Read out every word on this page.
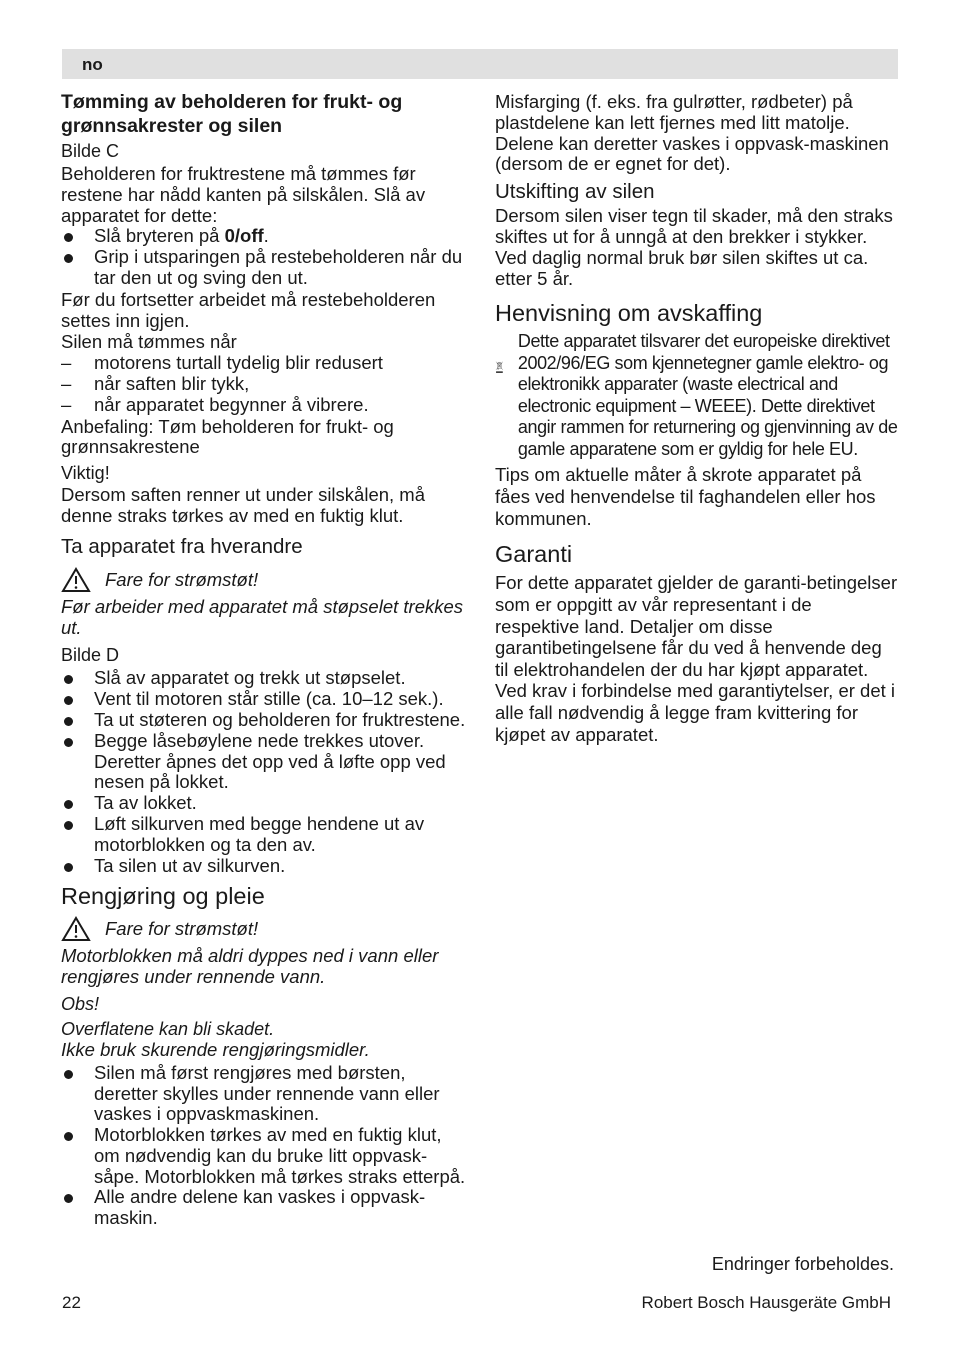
no
Tømming av beholderen for frukt- og grønnsakrester og silen

Bilde C

Beholderen for fruktrestene må tømmes før restene har nådd kanten på silskålen. Slå av apparatet for dette:

Slå bryteren på 0/off.
Grip i utsparingen på restebeholderen når du tar den ut og sving den ut.

Før du fortsetter arbeidet må restebeholderen settes inn igjen.

Silen må tømmes når

– motorens turtall tydelig blir redusert
– når saften blir tykk,
– når apparatet begynner å vibrere.

Anbefaling: Tøm beholderen for frukt- og grønnsakrestene

Viktig!

Dersom saften renner ut under silskålen, må denne straks tørkes av med en fuktig klut.

Ta apparatet fra hverandre
Fare for strømstøt!

Før arbeider med apparatet må støpselet trekkes ut.

Bilde D

Slå av apparatet og trekk ut støpselet.
Vent til motoren står stille (ca. 10–12 sek.).
Ta ut støteren og beholderen for fruktrestene.
Begge låsebøylene nede trekkes utover. Deretter åpnes det opp ved å løfte opp ved nesen på lokket.
Ta av lokket.
Løft silkurven med begge hendene ut av motorblokken og ta den av.
Ta silen ut av silkurven.
Rengjøring og pleie
Fare for strømstøt!

Motorblokken må aldri dyppes ned i vann eller rengjøres under rennende vann.

Obs!

Overflatene kan bli skadet.

Ikke bruk skurende rengjøringsmidler.

Silen må først rengjøres med børsten, deretter skylles under rennende vann eller vaskes i oppvaskmaskinen.
Motorblokken tørkes av med en fuktig klut, om nødvendig kan du bruke litt oppvask-såpe. Motorblokken må tørkes straks etterpå.
Alle andre delene kan vaskes i oppvask-maskin.

Misfarging (f. eks. fra gulrøtter, rødbeter) på plastdelene kan lett fjernes med litt matolje. Delene kan deretter vaskes i oppvask-maskinen (dersom de er egnet for det).

Utskifting av silen

Dersom silen viser tegn til skader, må den straks skiftes ut for å unngå at den brekker i stykker. Ved daglig normal bruk bør silen skiftes ut ca. etter 5 år.

Henvisning om avskaffing

Dette apparatet tilsvarer det europeiske direktivet 2002/96/EG som kjennetegner gamle elektro- og elektronikk apparater (waste electrical and electronic equipment – WEEE). Dette direktivet angir rammen for returnering og gjenvinning av de gamle apparatene som er gyldig for hele EU.

Tips om aktuelle måter å skrote apparatet på fåes ved henvendelse til faghandelen eller hos kommunen.

Garanti

For dette apparatet gjelder de garanti-betingelser som er oppgitt av vår representant i de respektive land. Detaljer om disse garantibetingelsene får du ved å henvende deg til elektrohandelen der du har kjøpt apparatet. Ved krav i forbindelse med garantiytelser, er det i alle fall nødvendig å legge fram kvittering for kjøpet av apparatet.

Endringer forbeholdes.
22	Robert Bosch Hausgeräte GmbH
